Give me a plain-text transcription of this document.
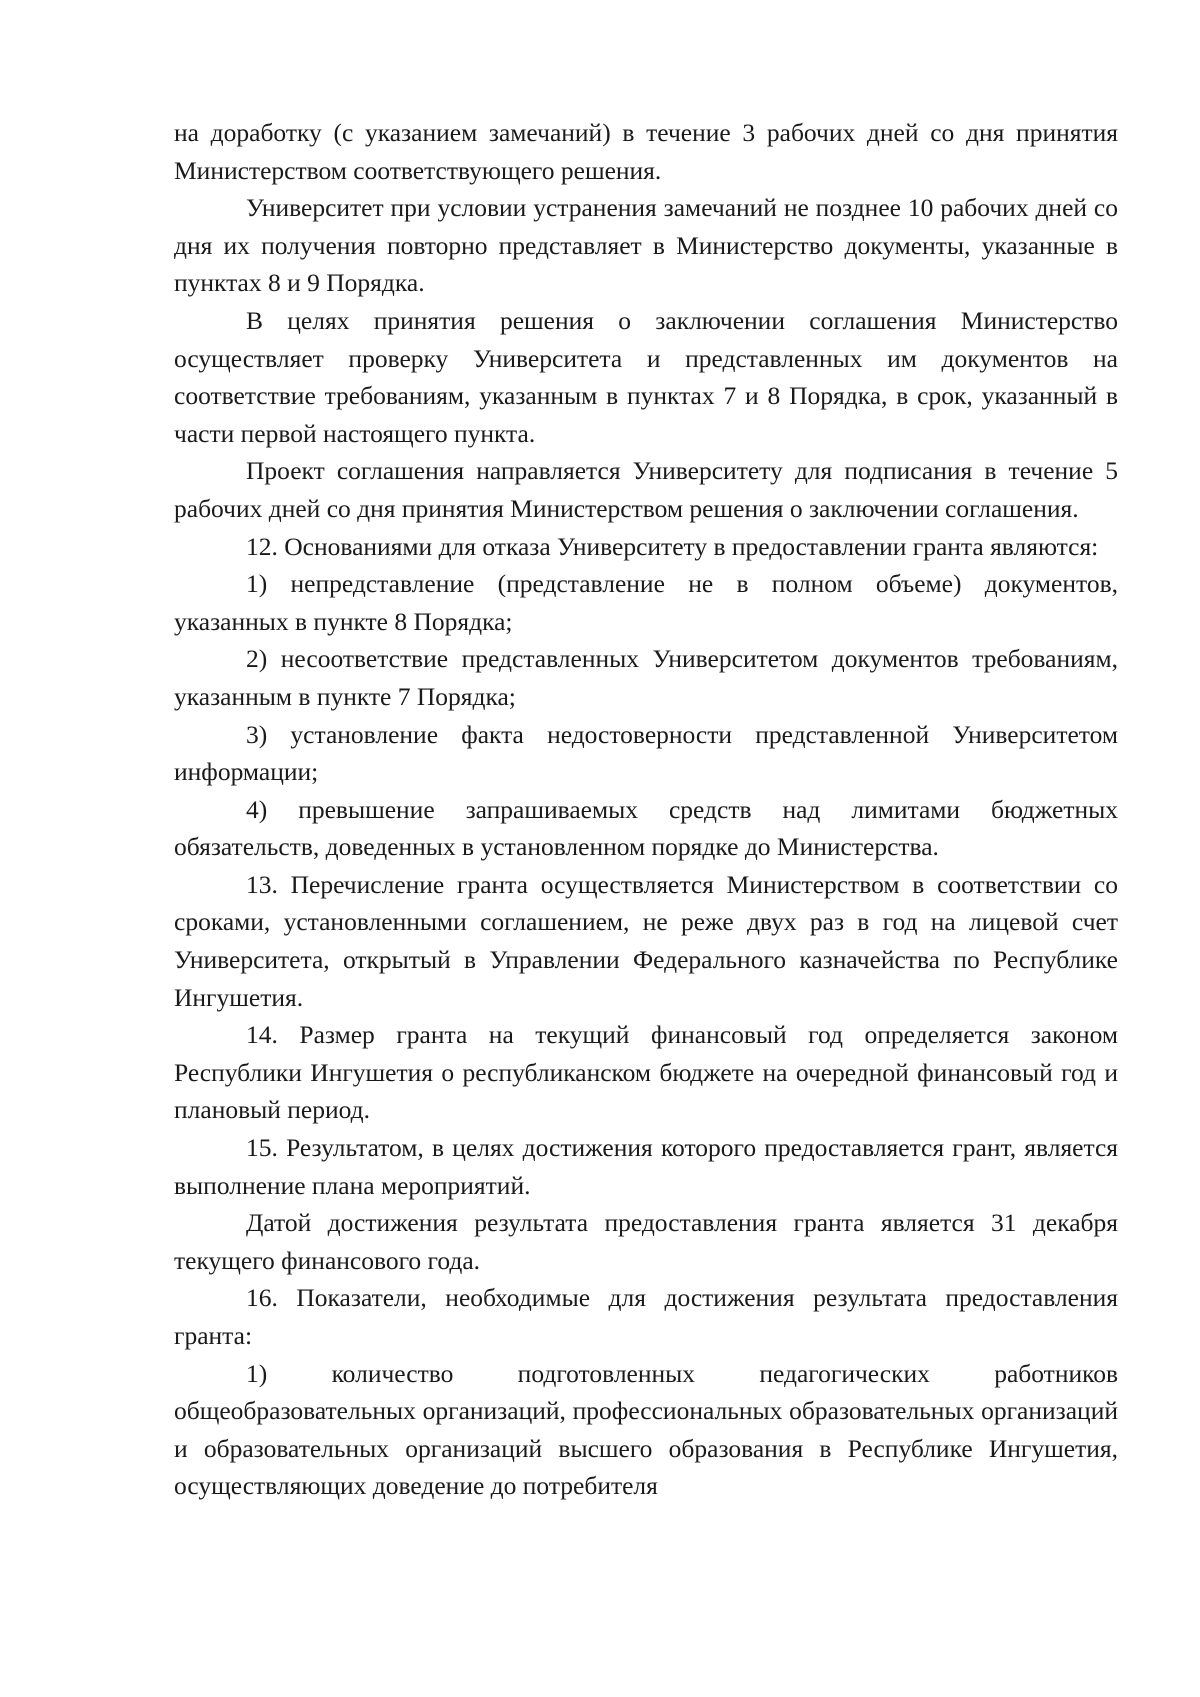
на доработку (с указанием замечаний) в течение 3 рабочих дней со дня принятия Министерством соответствующего решения.

Университет при условии устранения замечаний не позднее 10 рабочих дней со дня их получения повторно представляет в Министерство документы, указанные в пунктах 8 и 9 Порядка.

В целях принятия решения о заключении соглашения Министерство осуществляет проверку Университета и представленных им документов на соответствие требованиям, указанным в пунктах 7 и 8 Порядка, в срок, указанный в части первой настоящего пункта.

Проект соглашения направляется Университету для подписания в течение 5 рабочих дней со дня принятия Министерством решения о заключении соглашения.

12. Основаниями для отказа Университету в предоставлении гранта являются:

1) непредставление (представление не в полном объеме) документов, указанных в пункте 8 Порядка;

2) несоответствие представленных Университетом документов требованиям, указанным в пункте 7 Порядка;

3) установление факта недостоверности представленной Университетом информации;

4) превышение запрашиваемых средств над лимитами бюджетных обязательств, доведенных в установленном порядке до Министерства.

13. Перечисление гранта осуществляется Министерством в соответствии со сроками, установленными соглашением, не реже двух раз в год на лицевой счет Университета, открытый в Управлении Федерального казначейства по Республике Ингушетия.

14. Размер гранта на текущий финансовый год определяется законом Республики Ингушетия о республиканском бюджете на очередной финансовый год и плановый период.

15. Результатом, в целях достижения которого предоставляется грант, является выполнение плана мероприятий.

Датой достижения результата предоставления гранта является 31 декабря текущего финансового года.

16. Показатели, необходимые для достижения результата предоставления гранта:

1) количество подготовленных педагогических работников общеобразовательных организаций, профессиональных образовательных организаций и образовательных организаций высшего образования в Республике Ингушетия, осуществляющих доведение до потребителя
